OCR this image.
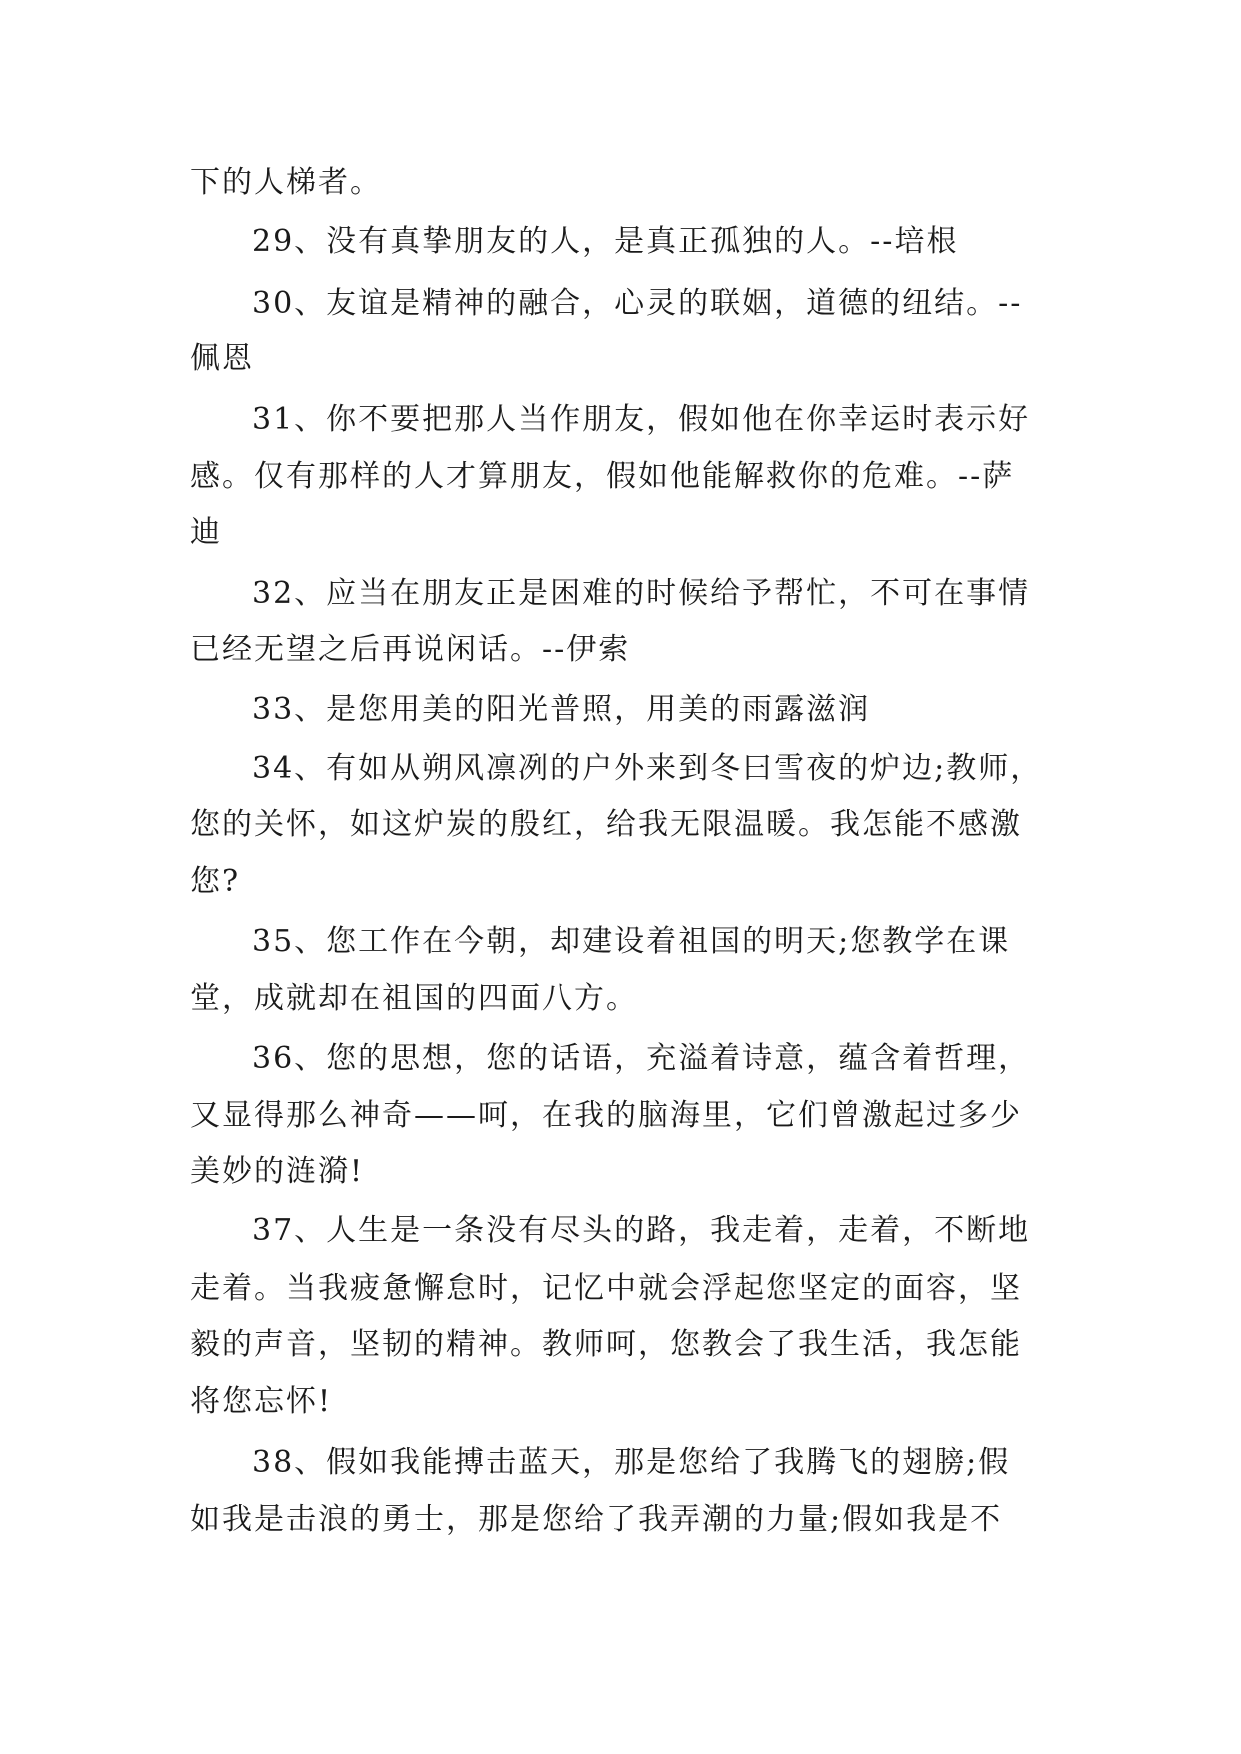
下的人梯者。

29、没有真挚朋友的人，是真正孤独的人。--培根

30、友谊是精神的融合，心灵的联姻，道德的纽结。--

佩恩

31、你不要把那人当作朋友，假如他在你幸运时表示好

感。仅有那样的人才算朋友，假如他能解救你的危难。--萨

迪

32、应当在朋友正是困难的时候给予帮忙，不可在事情

已经无望之后再说闲话。--伊索

33、是您用美的阳光普照，用美的雨露滋润

34、有如从朔风凛冽的户外来到冬曰雪夜的炉边;教师，

您的关怀，如这炉炭的殷红，给我无限温暖。我怎能不感激

您?

35、您工作在今朝，却建设着祖国的明天;您教学在课

堂，成就却在祖国的四面八方。

36、您的思想，您的话语，充溢着诗意，蕴含着哲理，

又显得那么神奇——呵，在我的脑海里，它们曾激起过多少

美妙的涟漪!

37、人生是一条没有尽头的路，我走着，走着，不断地

走着。当我疲惫懈怠时，记忆中就会浮起您坚定的面容，坚

毅的声音，坚韧的精神。教师呵，您教会了我生活，我怎能

将您忘怀!

38、假如我能搏击蓝天，那是您给了我腾飞的翅膀;假

如我是击浪的勇士，那是您给了我弄潮的力量;假如我是不
